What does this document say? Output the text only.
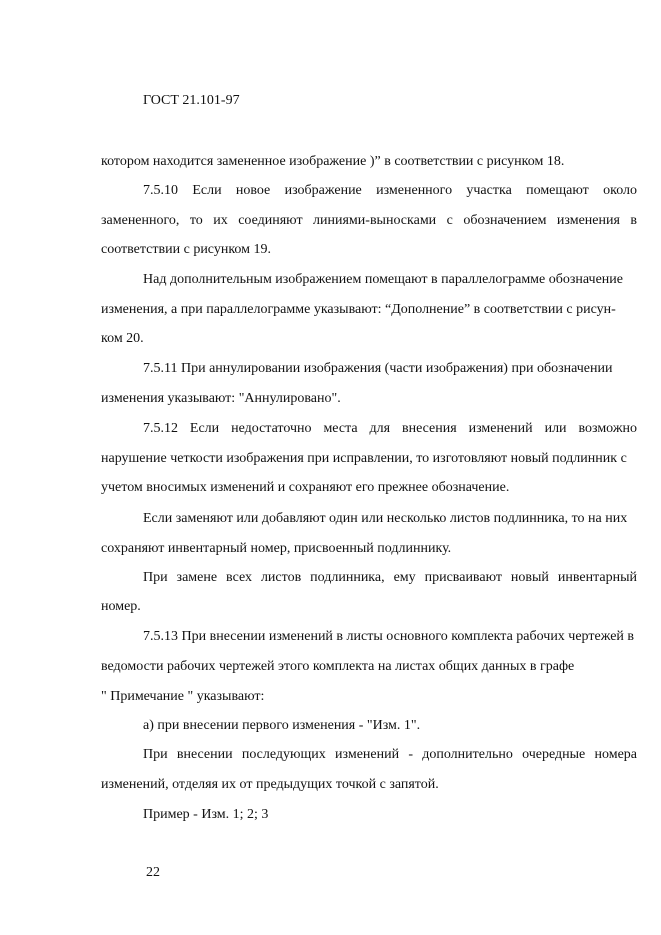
ГОСТ 21.101-97
котором находится замененное изображение )” в соответствии с рисунком 18.
7.5.10 Если новое изображение измененного участка помещают около
замененного, то их соединяют линиями-выносками с обозначением изменения в
соответствии с рисунком 19.
Над дополнительным изображением помещают в параллелограмме обозначение
изменения, а при параллелограмме указывают: “Дополнение” в соответствии с рисун-
ком 20.
7.5.11 При аннулировании изображения (части изображения) при обозначении
изменения указывают: "Аннулировано".
7.5.12 Если недостаточно места для внесения изменений или возможно
нарушение четкости изображения при исправлении, то изготовляют новый подлинник с
учетом вносимых изменений и сохраняют его прежнее обозначение.
Если заменяют или добавляют один или несколько листов подлинника, то на них
сохраняют инвентарный номер, присвоенный подлиннику.
При замене всех листов подлинника, ему присваивают новый инвентарный
номер.
7.5.13 При внесении изменений в листы основного комплекта рабочих чертежей в
ведомости рабочих чертежей этого комплекта на листах общих данных в графе
" Примечание " указывают:
а) при внесении первого изменения - "Изм. 1".
При внесении последующих изменений - дополнительно очередные номера
изменений, отделяя их от предыдущих точкой с запятой.
Пример - Изм. 1; 2; 3
22
